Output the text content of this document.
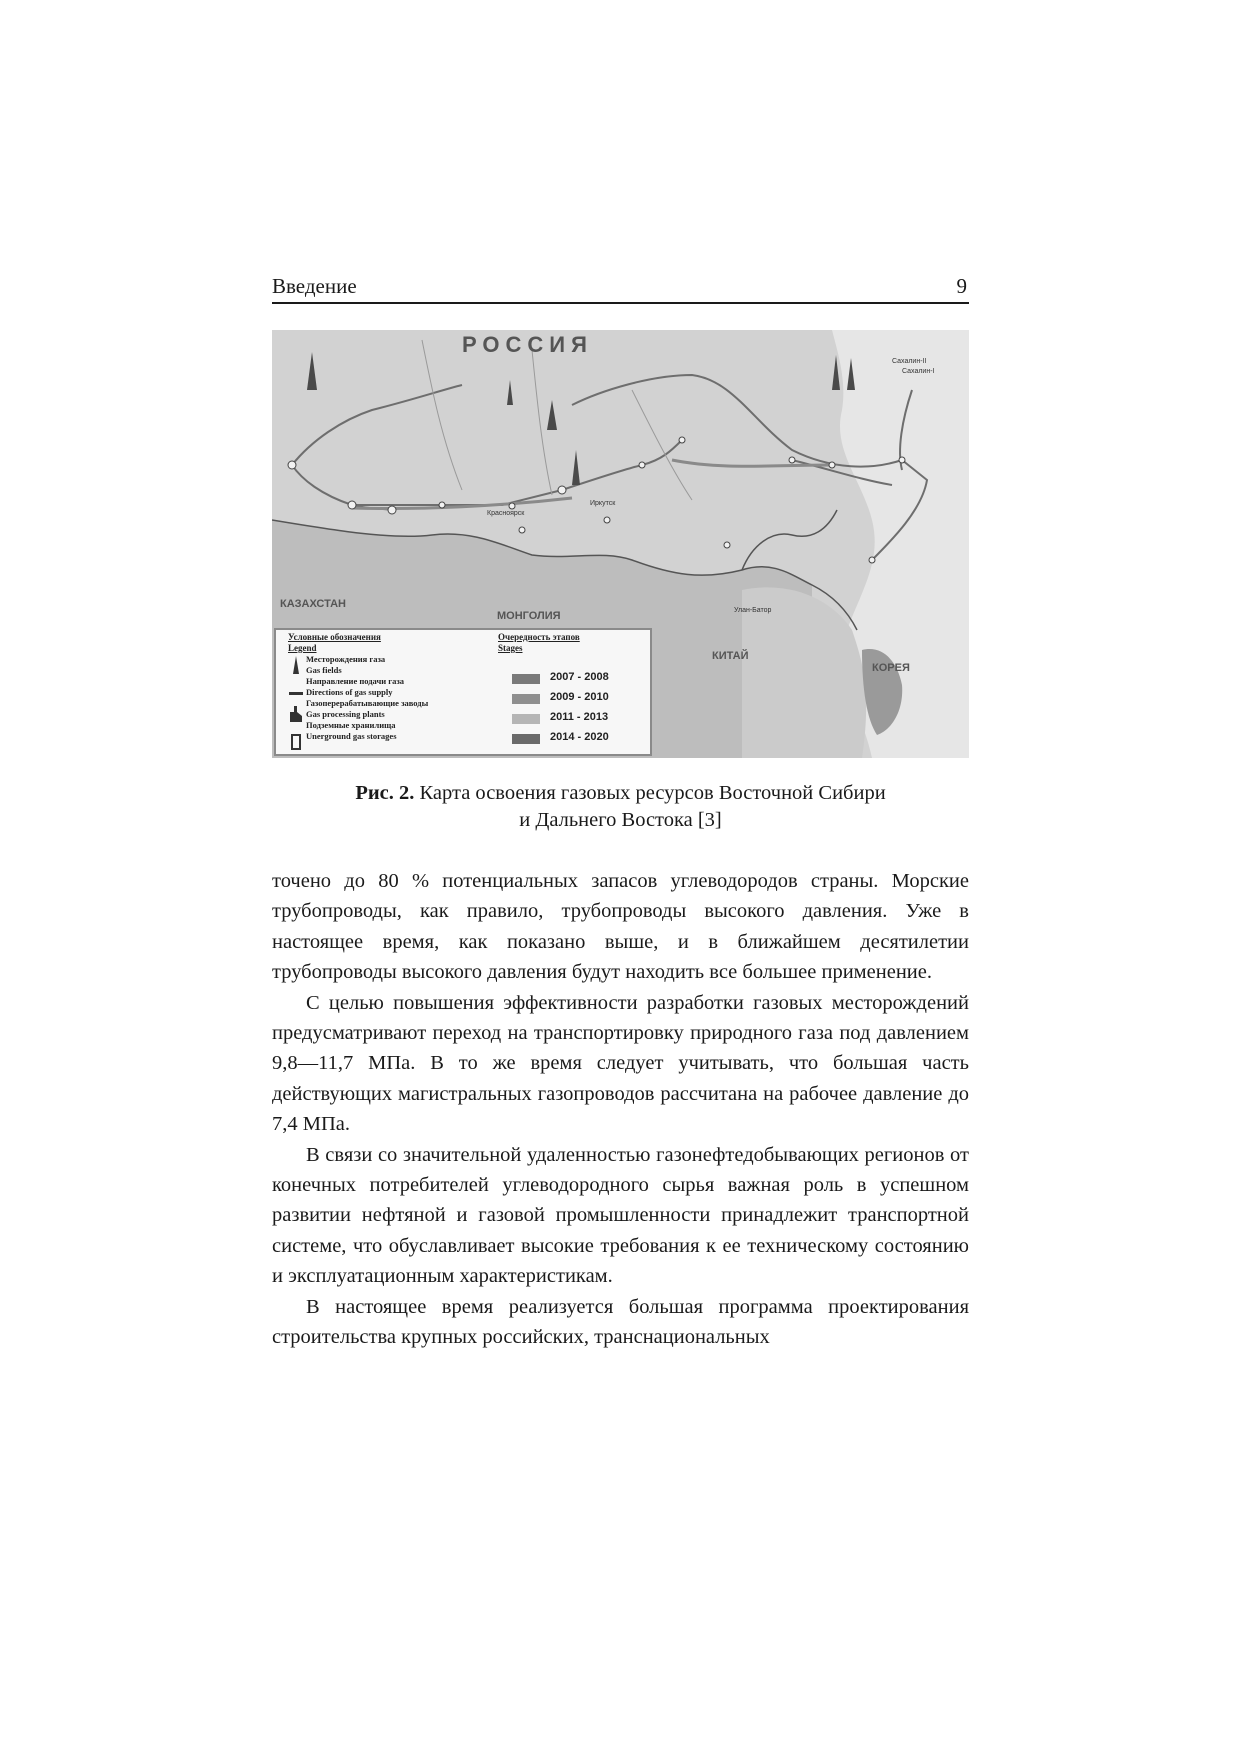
Введение	9
РОССИЯ
КАЗАХСТАН
МОНГОЛИЯ
КИТАЙ
КОРЕЯ
Красноярск
Иркутск
Улан-Батор
Сахалин-II
Сахалин-I
Условные обозначения
Legend
Месторождения газа
Gas fields
Направление подачи газа
Directions of gas supply
Газоперерабатывающие заводы
Gas processing plants
Подземные хранилища
Unerground gas storages
Очередность этапов
Stages
2007 - 2008
2009 - 2010
2011 - 2013
2014 - 2020
Рис. 2. Карта освоения газовых ресурсов Восточной Сибири
и Дальнего Востока [3]

точено до 80 % потенциальных запасов углеводородов страны. Морские трубопроводы, как правило, трубопроводы высокого давления. Уже в настоящее время, как показано выше, и в ближайшем десятилетии трубопроводы высокого давления будут находить все большее применение.

С целью повышения эффективности разработки газовых месторождений предусматривают переход на транспортировку природного газа под давлением 9,8—11,7 МПа. В то же время следует учитывать, что большая часть действующих магистральных газопроводов рассчитана на рабочее давление до 7,4 МПа.

В связи со значительной удаленностью газонефтедобывающих регионов от конечных потребителей углеводородного сырья важная роль в успешном развитии нефтяной и газовой промышленности принадлежит транспортной системе, что обуславливает высокие требования к ее техническому состоянию и эксплуатационным характеристикам.

В настоящее время реализуется большая программа проектирования строительства крупных российских, транснациональных
